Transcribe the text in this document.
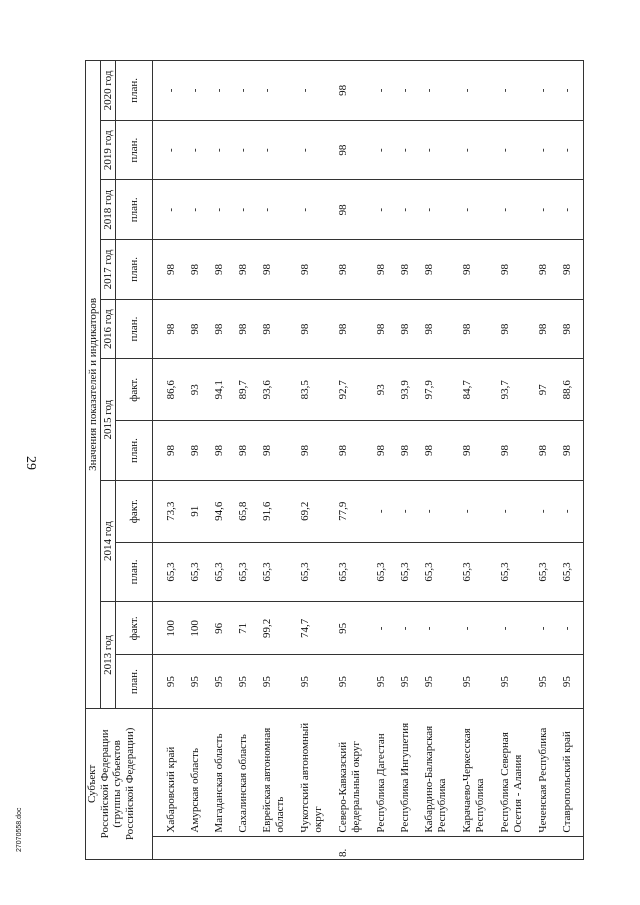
29
27070558.doc
Субъект Российской Федерации (группы субъектов Российской Федерации)		Значения показателей и индикаторов										
		2013 год		2014 год		2015 год		2016 год	2017 год	2018 год	2019 год	2020 год
		план.	факт.	план.	факт.	план.	факт.	план.	план.	план.	план.	план.

	Хабаровский край	95	100	65,3	73,3	98	86,6	98	98	-	-	-
	Амурская область	95	100	65,3	91	98	93	98	98	-	-	-
	Магаданская область	95	96	65,3	94,6	98	94,1	98	98	-	-	-
	Сахалинская область	95	71	65,3	65,8	98	89,7	98	98	-	-	-
	Еврейская автономная область	95	99,2	65,3	91,6	98	93,6	98	98	-	-	-
	Чукотский автономный округ	95	74,7	65,3	69,2	98	83,5	98	98	-	-	-
8.	Северо-Кавказский федеральный округ	95	95	65,3	77,9	98	92,7	98	98	98	98	98
	Республика Дагестан	95	-	65,3	-	98	93	98	98	-	-	-
	Республика Ингушетия	95	-	65,3	-	98	93,9	98	98	-	-	-
	Кабардино-Балкарская Республика	95	-	65,3	-	98	97,9	98	98	-	-	-
	Карачаево-Черкесская Республика	95	-	65,3	-	98	84,7	98	98	-	-	-
	Республика Северная Осетия - Алания	95	-	65,3	-	98	93,7	98	98	-	-	-
	Чеченская Республика	95	-	65,3	-	98	97	98	98	-	-	-
	Ставропольский край	95	-	65,3	-	98	88,6	98	98	-	-	-
